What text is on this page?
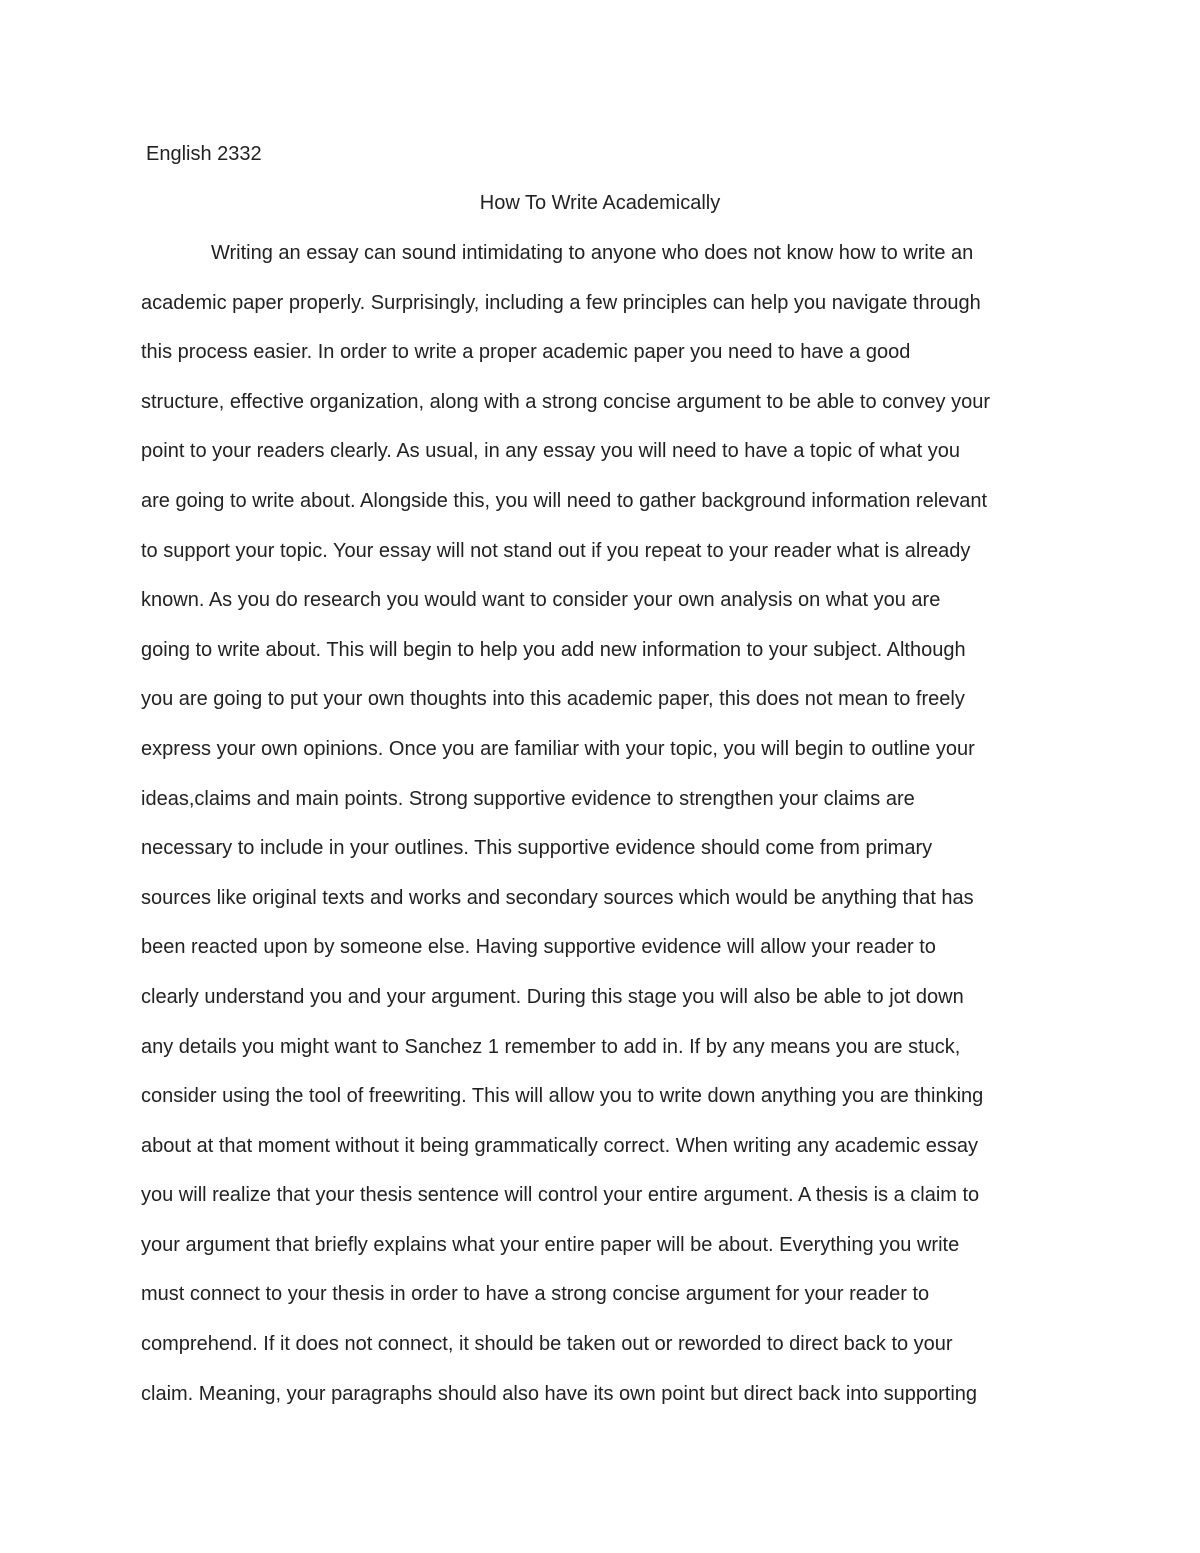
English 2332
How To Write Academically
Writing an essay can sound intimidating to anyone who does not know how to write an
academic paper properly. Surprisingly, including a few principles can help you navigate through
this process easier. In order to write a proper academic paper you need to have a good
structure, effective organization, along with a strong concise argument to be able to convey your
point to your readers clearly. As usual, in any essay you will need to have a topic of what you
are going to write about. Alongside this, you will need to gather background information relevant
to support your topic. Your essay will not stand out if you repeat to your reader what is already
known. As you do research you would want to consider your own analysis on what you are
going to write about. This will begin to help you add new information to your subject. Although
you are going to put your own thoughts into this academic paper, this does not mean to freely
express your own opinions. Once you are familiar with your topic, you will begin to outline your
ideas,claims and main points. Strong supportive evidence to strengthen your claims are
necessary to include in your outlines. This supportive evidence should come from primary
sources like original texts and works and secondary sources which would be anything that has
been reacted upon by someone else. Having supportive evidence will allow your reader to
clearly understand you and your argument. During this stage you will also be able to jot down
any details you might want to Sanchez 1 remember to add in. If by any means you are stuck,
consider using the tool of freewriting. This will allow you to write down anything you are thinking
about at that moment without it being grammatically correct. When writing any academic essay
you will realize that your thesis sentence will control your entire argument. A thesis is a claim to
your argument that briefly explains what your entire paper will be about. Everything you write
must connect to your thesis in order to have a strong concise argument for your reader to
comprehend. If it does not connect, it should be taken out or reworded to direct back to your
claim. Meaning, your paragraphs should also have its own point but direct back into supporting
